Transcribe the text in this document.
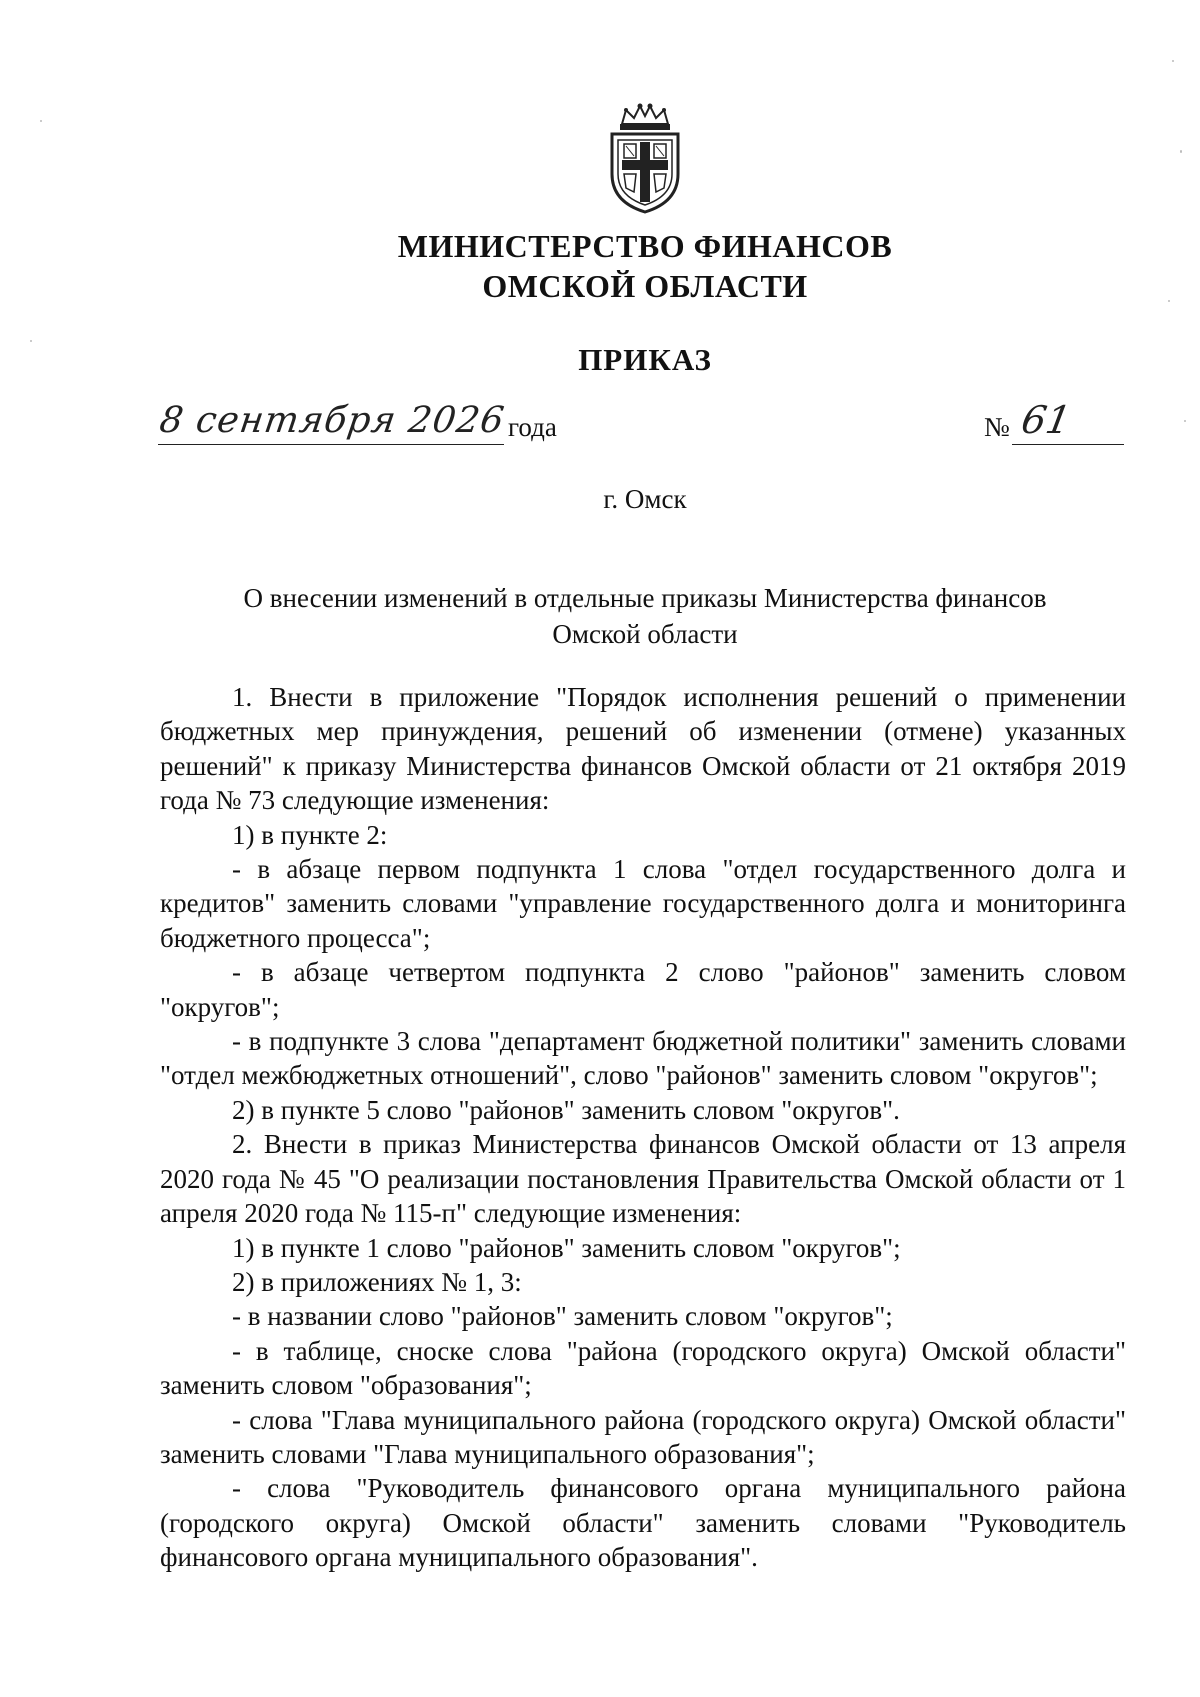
МИНИСТЕРСТВО ФИНАНСОВ
ОМСКОЙ ОБЛАСТИ
ПРИКАЗ
8 сентября 2026 года	№ 61
г. Омск
О внесении изменений в отдельные приказы Министерства финансов
Омской области

1. Внести в приложение "Порядок исполнения решений о применении бюджетных мер принуждения, решений об изменении (отмене) указанных решений" к приказу Министерства финансов Омской области от 21 октября 2019 года № 73 следующие изменения:

1) в пункте 2:

- в абзаце первом подпункта 1 слова "отдел государственного долга и кредитов" заменить словами "управление государственного долга и мониторинга бюджетного процесса";

- в абзаце четвертом подпункта 2 слово "районов" заменить словом "округов";

- в подпункте 3 слова "департамент бюджетной политики" заменить словами "отдел межбюджетных отношений", слово "районов" заменить словом "округов";

2) в пункте 5 слово "районов" заменить словом "округов".

2. Внести в приказ Министерства финансов Омской области от 13 апреля 2020 года № 45 "О реализации постановления Правительства Омской области от 1 апреля 2020 года № 115-п" следующие изменения:

1) в пункте 1 слово "районов" заменить словом "округов";

2) в приложениях № 1, 3:

- в названии слово "районов" заменить словом "округов";

- в таблице, сноске слова "района (городского округа) Омской области" заменить словом "образования";

- слова "Глава муниципального района (городского округа) Омской области" заменить словами "Глава муниципального образования";

- слова "Руководитель финансового органа муниципального района (городского округа) Омской области" заменить словами "Руководитель финансового органа муниципального образования".
